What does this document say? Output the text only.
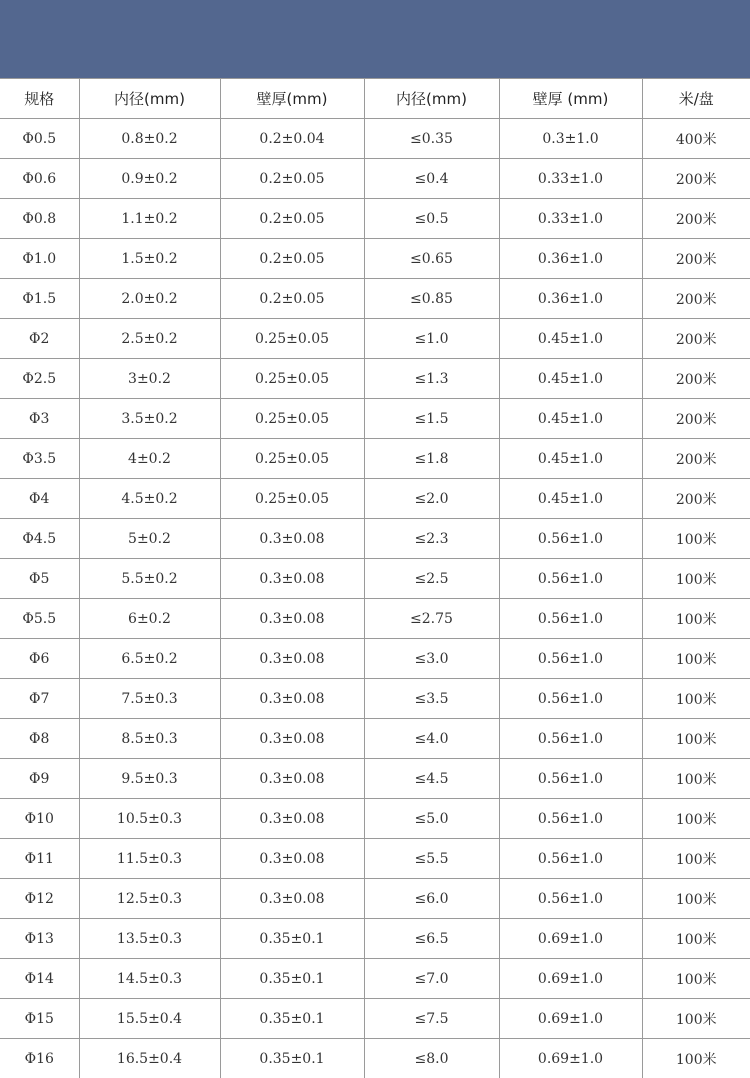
规格	内径(mm)	壁厚(mm)	内径(mm)	壁厚 (mm)	米/盘
Φ0.5	0.8±0.2	0.2±0.04	≤0.35	0.3±1.0	400米
Φ0.6	0.9±0.2	0.2±0.05	≤0.4	0.33±1.0	200米
Φ0.8	1.1±0.2	0.2±0.05	≤0.5	0.33±1.0	200米
Φ1.0	1.5±0.2	0.2±0.05	≤0.65	0.36±1.0	200米
Φ1.5	2.0±0.2	0.2±0.05	≤0.85	0.36±1.0	200米
Φ2	2.5±0.2	0.25±0.05	≤1.0	0.45±1.0	200米
Φ2.5	3±0.2	0.25±0.05	≤1.3	0.45±1.0	200米
Φ3	3.5±0.2	0.25±0.05	≤1.5	0.45±1.0	200米
Φ3.5	4±0.2	0.25±0.05	≤1.8	0.45±1.0	200米
Φ4	4.5±0.2	0.25±0.05	≤2.0	0.45±1.0	200米
Φ4.5	5±0.2	0.3±0.08	≤2.3	0.56±1.0	100米
Φ5	5.5±0.2	0.3±0.08	≤2.5	0.56±1.0	100米
Φ5.5	6±0.2	0.3±0.08	≤2.75	0.56±1.0	100米
Φ6	6.5±0.2	0.3±0.08	≤3.0	0.56±1.0	100米
Φ7	7.5±0.3	0.3±0.08	≤3.5	0.56±1.0	100米
Φ8	8.5±0.3	0.3±0.08	≤4.0	0.56±1.0	100米
Φ9	9.5±0.3	0.3±0.08	≤4.5	0.56±1.0	100米
Φ10	10.5±0.3	0.3±0.08	≤5.0	0.56±1.0	100米
Φ11	11.5±0.3	0.3±0.08	≤5.5	0.56±1.0	100米
Φ12	12.5±0.3	0.3±0.08	≤6.0	0.56±1.0	100米
Φ13	13.5±0.3	0.35±0.1	≤6.5	0.69±1.0	100米
Φ14	14.5±0.3	0.35±0.1	≤7.0	0.69±1.0	100米
Φ15	15.5±0.4	0.35±0.1	≤7.5	0.69±1.0	100米
Φ16	16.5±0.4	0.35±0.1	≤8.0	0.69±1.0	100米
